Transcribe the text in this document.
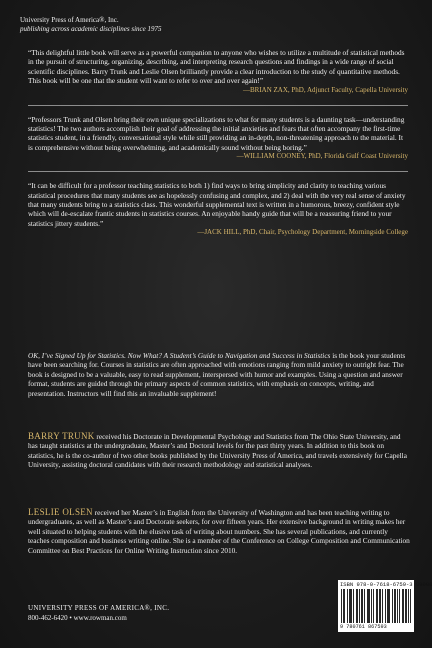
University Press of America®, Inc.
publishing across academic disciplines since 1975

“This delightful little book will serve as a powerful companion to anyone who wishes to utilize a multitude of statistical methods in the pursuit of structuring, organizing, describing, and interpreting research questions and findings in a wide range of social scientific disciplines. Barry Trunk and Leslie Olsen brilliantly provide a clear introduction to the study of quantitative methods. This book will be one that the student will want to refer to over and over again!”

—BRIAN ZAX, PhD, Adjunct Faculty, Capella University

“Professors Trunk and Olsen bring their own unique specializations to what for many students is a daunting task—understanding statistics! The two authors accomplish their goal of addressing the initial anxieties and fears that often accompany the first-time statistics student, in a friendly, conversational style while still providing an in-depth, non-threatening approach to the material. It is comprehensive without being overwhelming, and academically sound without being boring.”

—WILLIAM COONEY, PhD, Florida Gulf Coast University

“It can be difficult for a professor teaching statistics to both 1) find ways to bring simplicity and clarity to teaching various statistical procedures that many students see as hopelessly confusing and complex, and 2) deal with the very real sense of anxiety that many students bring to a statistics class. This wonderful supplemental text is written in a humorous, breezy, confident style which will de-escalate frantic students in statistics courses. An enjoyable handy guide that will be a reassuring friend to your statistics jittery students.”

—JACK HILL, PhD, Chair, Psychology Department, Morningside College

OK, I’ve Signed Up for Statistics. Now What? A Student’s Guide to Navigation and Success in Statistics is the book your students have been searching for. Courses in statistics are often approached with emotions ranging from mild anxiety to outright fear. The book is designed to be a valuable, easy to read supplement, interspersed with humor and examples. Using a question and answer format, students are guided through the primary aspects of common statistics, with emphasis on concepts, writing, and presentation. Instructors will find this an invaluable supplement!

BARRY TRUNK received his Doctorate in Developmental Psychology and Statistics from The Ohio State University, and has taught statistics at the undergraduate, Master’s and Doctoral levels for the past thirty years. In addition to this book on statistics, he is the co-author of two other books published by the University Press of America, and travels extensively for Capella University, assisting doctoral candidates with their research methodology and statistical analyses.

LESLIE OLSEN received her Master’s in English from the University of Washington and has been teaching writing to undergraduates, as well as Master’s and Doctorate seekers, for over fifteen years. Her extensive background in writing makes her well situated to helping students with the elusive task of writing about numbers. She has several publications, and currently teaches composition and business writing online. She is a member of the Conference on College Composition and Communication Committee on Best Practices for Online Writing Instruction since 2010.

UNIVERSITY PRESS OF AMERICA®, INC.
800-462-6420 • www.rowman.com
ISBN 978-0-7618-6759-3 90000
9 780761 867593
